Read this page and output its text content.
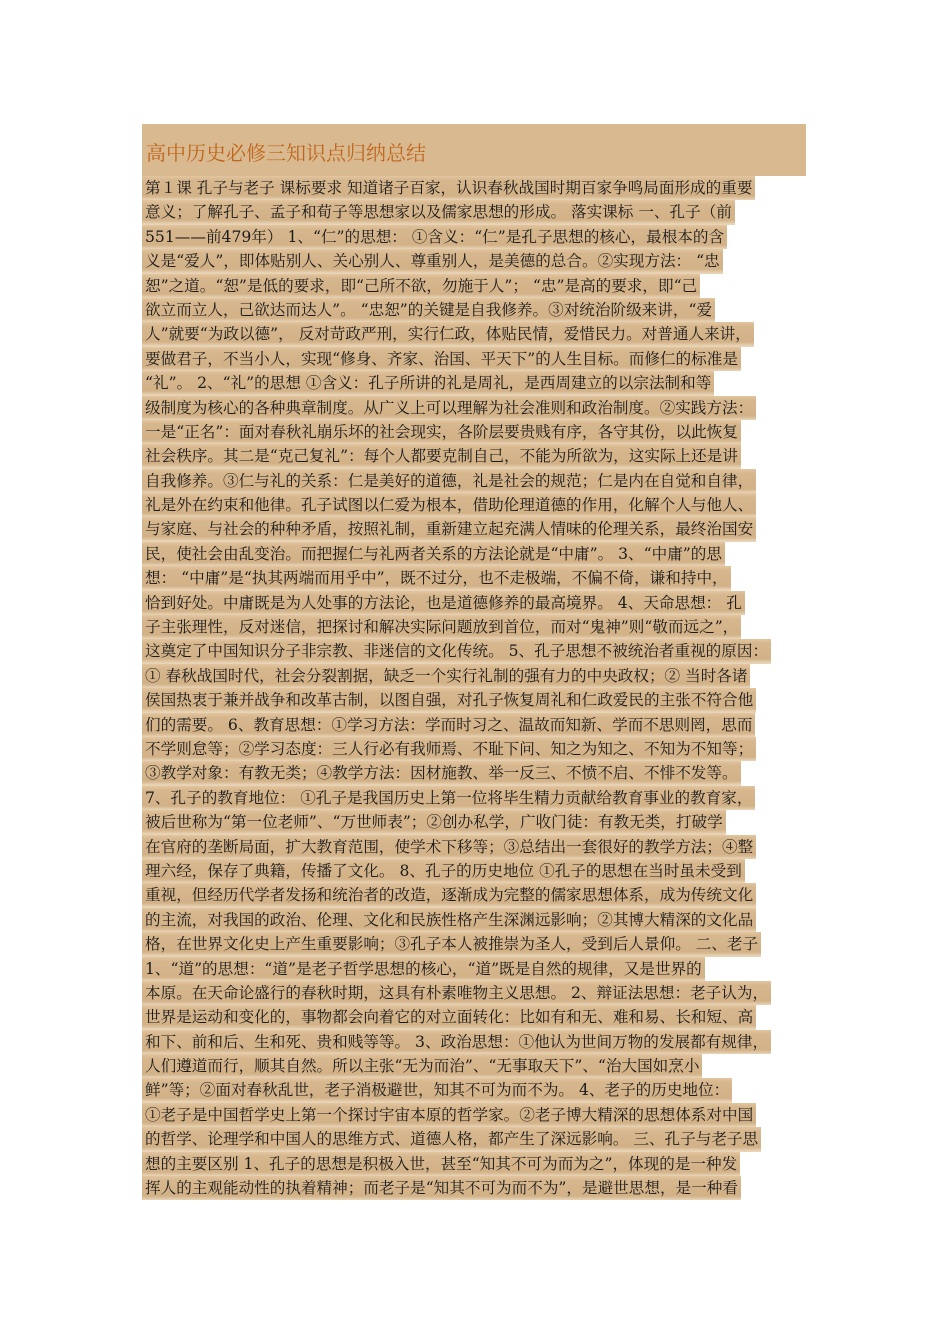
高中历史必修三知识点归纳总结
第１课 孔子与老子 课标要求 知道诸子百家，认识春秋战国时期百家争鸣局面形成的重要
意义；了解孔子、孟子和荀子等思想家以及儒家思想的形成。 落实课标 一、孔子（前
551——前479年） 1、“仁”的思想： ①含义：“仁”是孔子思想的核心，最根本的含
义是“爱人”，即体贴别人、关心别人、尊重别人，是美德的总合。②实现方法： “忠
恕”之道。“恕”是低的要求，即“己所不欲，勿施于人”； “忠”是高的要求，即“己
欲立而立人，己欲达而达人”。 “忠恕”的关键是自我修养。③对统治阶级来讲，“爱
人”就要“为政以德”， 反对苛政严刑，实行仁政，体贴民情，爱惜民力。对普通人来讲，
要做君子，不当小人，实现“修身、齐家、治国、平天下”的人生目标。而修仁的标准是
“礼”。 2、“礼”的思想 ①含义：孔子所讲的礼是周礼，是西周建立的以宗法制和等
级制度为核心的各种典章制度。从广义上可以理解为社会准则和政治制度。②实践方法：
一是“正名”：面对春秋礼崩乐坏的社会现实，各阶层要贵贱有序，各守其份，以此恢复
社会秩序。其二是“克己复礼”：每个人都要克制自己，不能为所欲为，这实际上还是讲
自我修养。③仁与礼的关系：仁是美好的道德，礼是社会的规范；仁是内在自觉和自律，
礼是外在约束和他律。孔子试图以仁爱为根本，借助伦理道德的作用，化解个人与他人、
与家庭、与社会的种种矛盾，按照礼制，重新建立起充满人情味的伦理关系，最终治国安
民，使社会由乱变治。而把握仁与礼两者关系的方法论就是“中庸”。 3、“中庸”的思
想： “中庸”是“执其两端而用乎中”，既不过分，也不走极端，不偏不倚，谦和持中，
恰到好处。中庸既是为人处事的方法论，也是道德修养的最高境界。 4、天命思想： 孔
子主张理性，反对迷信，把探讨和解决实际问题放到首位，而对“鬼神”则“敬而远之”，
这奠定了中国知识分子非宗教、非迷信的文化传统。 5、孔子思想不被统治者重视的原因：
① 春秋战国时代，社会分裂割据，缺乏一个实行礼制的强有力的中央政权；② 当时各诸
侯国热衷于兼并战争和改革古制，以图自强，对孔子恢复周礼和仁政爱民的主张不符合他
们的需要。 6、教育思想：①学习方法：学而时习之、温故而知新、学而不思则罔，思而
不学则怠等；②学习态度：三人行必有我师焉、不耻下问、知之为知之、不知为不知等；
③教学对象：有教无类；④教学方法：因材施教、举一反三、不愤不启、不悱不发等。
7、孔子的教育地位： ①孔子是我国历史上第一位将毕生精力贡献给教育事业的教育家，
被后世称为“第一位老师”、“万世师表”；②创办私学，广收门徒：有教无类，打破学
在官府的垄断局面，扩大教育范围，使学术下移等；③总结出一套很好的教学方法；④整
理六经，保存了典籍，传播了文化。 8、孔子的历史地位 ①孔子的思想在当时虽未受到
重视，但经历代学者发扬和统治者的改造，逐渐成为完整的儒家思想体系，成为传统文化
的主流，对我国的政治、伦理、文化和民族性格产生深渊远影响；②其博大精深的文化品
格，在世界文化史上产生重要影响；③孔子本人被推崇为圣人，受到后人景仰。 二、老子
1、“道”的思想：“道”是老子哲学思想的核心，“道”既是自然的规律，又是世界的
本原。在天命论盛行的春秋时期，这具有朴素唯物主义思想。 2、辩证法思想：老子认为，
世界是运动和变化的，事物都会向着它的对立面转化：比如有和无、难和易、长和短、高
和下、前和后、生和死、贵和贱等等。 3、政治思想：①他认为世间万物的发展都有规律，
人们遵道而行，顺其自然。所以主张“无为而治”、“无事取天下”、“治大国如烹小
鲜”等；②面对春秋乱世，老子消极避世，知其不可为而不为。 4、老子的历史地位：
①老子是中国哲学史上第一个探讨宇宙本原的哲学家。②老子博大精深的思想体系对中国
的哲学、论理学和中国人的思维方式、道德人格，都产生了深远影响。 三、孔子与老子思
想的主要区别 1、孔子的思想是积极入世，甚至“知其不可为而为之”，体现的是一种发
挥人的主观能动性的执着精神；而老子是“知其不可为而不为”，是避世思想，是一种看
